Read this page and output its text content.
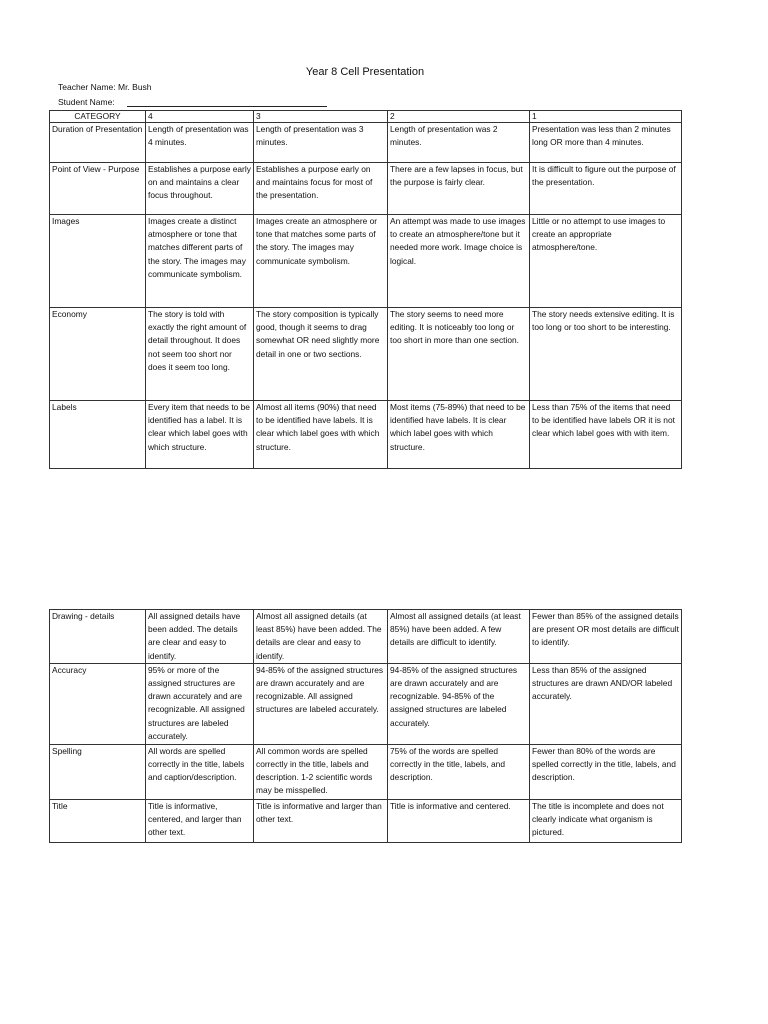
Year 8 Cell Presentation
Teacher Name: Mr. Bush
Student Name:
CATEGORY	4	3	2	1
Duration of Presentation	Length of presentation was 4 minutes.	Length of presentation was 3 minutes.	Length of presentation was 2 minutes.	Presentation was less than 2 minutes long OR more than 4 minutes.
Point of View - Purpose	Establishes a purpose early on and maintains a clear focus throughout.	Establishes a purpose early on and maintains focus for most of the presentation.	There are a few lapses in focus, but the purpose is fairly clear.	It is difficult to figure out the purpose of the presentation.
Images	Images create a distinct atmosphere or tone that matches different parts of the story. The images may communicate symbolism.	Images create an atmosphere or tone that matches some parts of the story. The images may communicate symbolism.	An attempt was made to use images to create an atmosphere/tone but it needed more work. Image choice is logical.	Little or no attempt to use images to create an appropriate atmosphere/tone.
Economy	The story is told with exactly the right amount of detail throughout. It does not seem too short nor does it seem too long.	The story composition is typically good, though it seems to drag somewhat OR need slightly more detail in one or two sections.	The story seems to need more editing. It is noticeably too long or too short in more than one section.	The story needs extensive editing. It is too long or too short to be interesting.
Labels	Every item that needs to be identified has a label. It is clear which label goes with which structure.	Almost all items (90%) that need to be identified have labels. It is clear which label goes with which structure.	Most items (75-89%) that need to be identified have labels. It is clear which label goes with which structure.	Less than 75% of the items that need to be identified have labels OR it is not clear which label goes with with item.
Drawing - details	All assigned details have been added. The details are clear and easy to identify.	Almost all assigned details (at least 85%) have been added. The details are clear and easy to identify.	Almost all assigned details (at least 85%) have been added. A few details are difficult to identify.	Fewer than 85% of the assigned details are present OR most details are difficult to identify.
Accuracy	95% or more of the assigned structures are drawn accurately and are recognizable. All assigned structures are labeled accurately.	94-85% of the assigned structures are drawn accurately and are recognizable. All assigned structures are labeled accurately.	94-85% of the assigned structures are drawn accurately and are recognizable. 94-85% of the assigned structures are labeled accurately.	Less than 85% of the assigned structures are drawn AND/OR labeled accurately.
Spelling	All words are spelled correctly in the title, labels and caption/description.	All common words are spelled correctly in the title, labels and description. 1-2 scientific words may be misspelled.	75% of the words are spelled correctly in the title, labels, and description.	Fewer than 80% of the words are spelled correctly in the title, labels, and description.
Title	Title is informative, centered, and larger than other text.	Title is informative and larger than other text.	Title is informative and centered.	The title is incomplete and does not clearly indicate what organism is pictured.
